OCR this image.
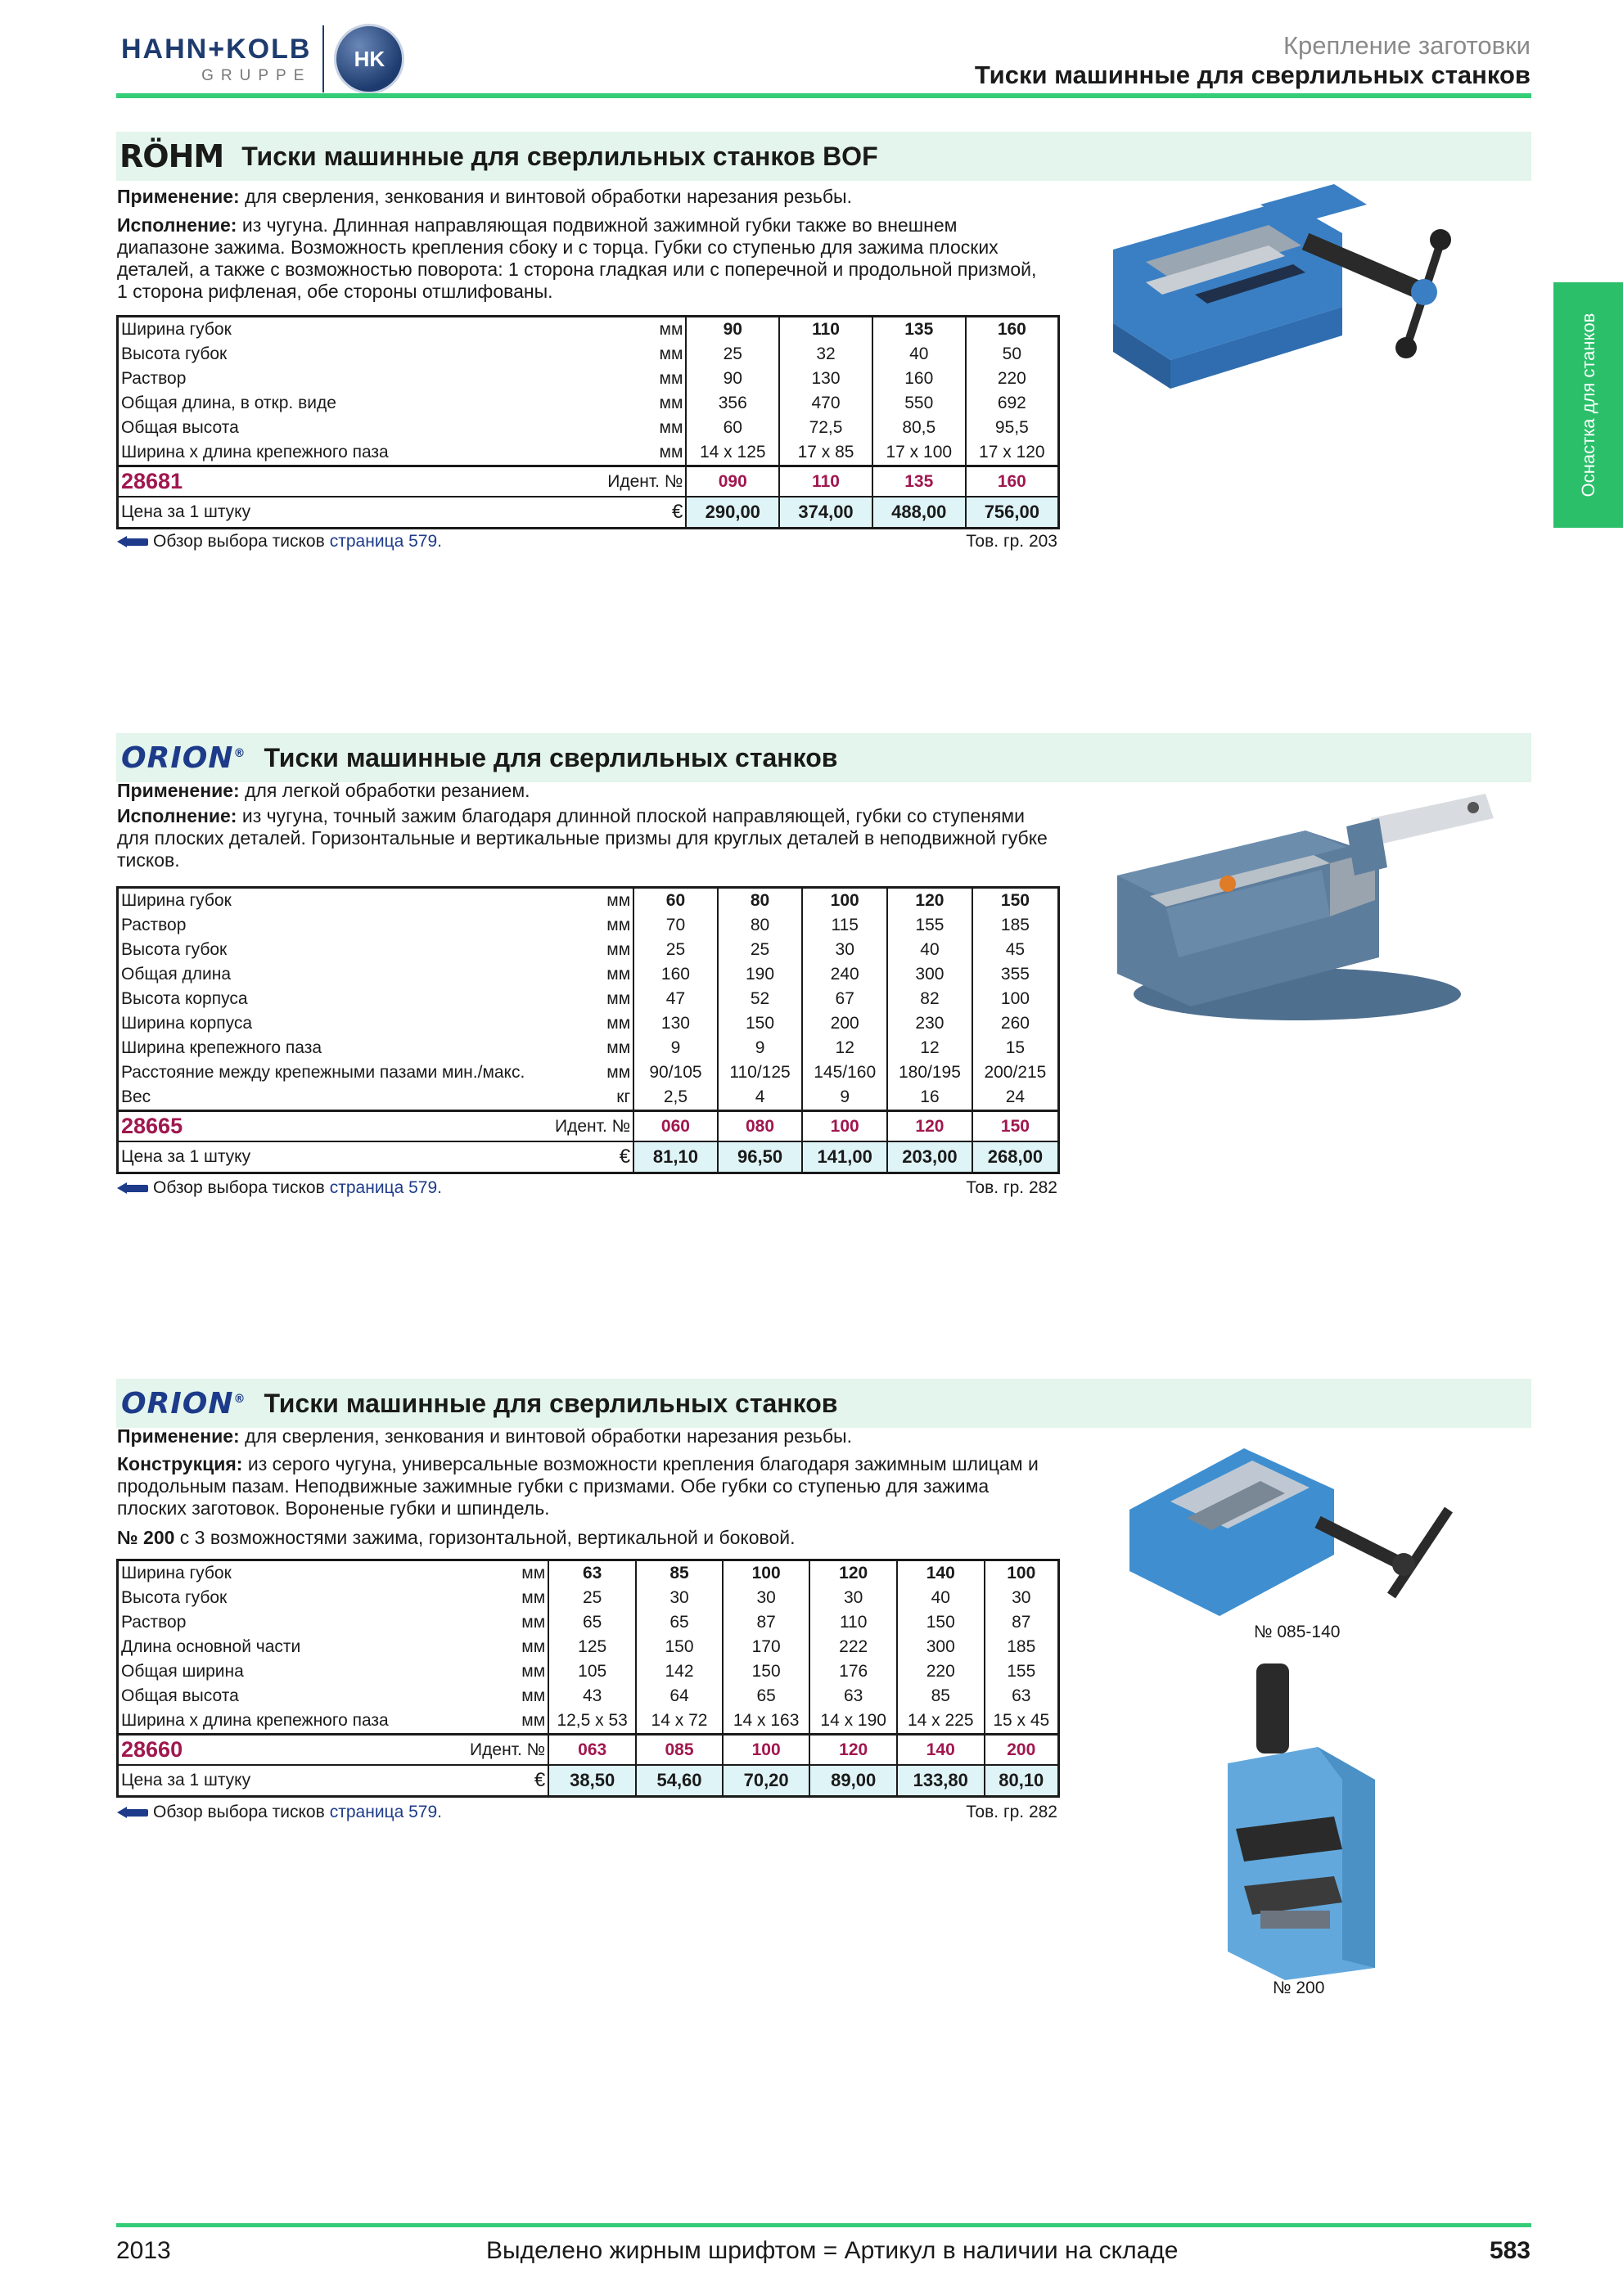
HAHN+KOLB
GRUPPE
HK	Крепление заготовки
Тиски машинные для сверлильных станков
Оснастка для станков
RÖHM Тиски машинные для сверлильных станков BOF
Применение: для сверления, зенкования и винтовой обработки нарезания резьбы.
Исполнение: из чугуна. Длинная направляющая подвижной зажимной губки также во внешнем диапазоне зажима. Возможность крепления сбоку и с торца. Губки со ступенью для зажима плоских деталей, а также с возможностью поворота: 1 сторона гладкая или с поперечной и продольной призмой, 1 сторона рифленая, обе стороны отшлифованы.
Ширина губок	мм	90	110	135	160
Высота губок	мм	25	32	40	50
Раствор	мм	90	130	160	220
Общая длина, в откр. виде	мм	356	470	550	692
Общая высота	мм	60	72,5	80,5	95,5
Ширина х длина крепежного паза	мм	14 x 125	17 x 85	17 x 100	17 x 120
28681	Идент. №	090	110	135	160
Цена за 1 штуку	€	290,00	374,00	488,00	756,00
Обзор выбора тисков страница 579.	Тов. гр. 203
ORION® Тиски машинные для сверлильных станков
Применение: для легкой обработки резанием.
Исполнение: из чугуна, точный зажим благодаря длинной плоской направляющей, губки со ступенями для плоских деталей. Горизонтальные и вертикальные призмы для круглых деталей в неподвижной губке тисков.
Ширина губок	мм	60	80	100	120	150
Раствор	мм	70	80	115	155	185
Высота губок	мм	25	25	30	40	45
Общая длина	мм	160	190	240	300	355
Высота корпуса	мм	47	52	67	82	100
Ширина корпуса	мм	130	150	200	230	260
Ширина крепежного паза	мм	9	9	12	12	15
Расстояние между крепежными пазами мин./макс.	мм	90/105	110/125	145/160	180/195	200/215
Вес	кг	2,5	4	9	16	24
28665	Идент. №	060	080	100	120	150
Цена за 1 штуку	€	81,10	96,50	141,00	203,00	268,00
Обзор выбора тисков страница 579.	Тов. гр. 282
ORION® Тиски машинные для сверлильных станков
Применение: для сверления, зенкования и винтовой обработки нарезания резьбы.
Конструкция: из серого чугуна, универсальные возможности крепления благодаря зажимным шлицам и продольным пазам. Неподвижные зажимные губки с призмами. Обе губки со ступенью для зажима плоских заготовок. Вороненые губки и шпиндель.
№ 200 с 3 возможностями зажима, горизонтальной, вертикальной и боковой.
Ширина губок	мм	63	85	100	120	140	100
Высота губок	мм	25	30	30	30	40	30
Раствор	мм	65	65	87	110	150	87
Длина основной части	мм	125	150	170	222	300	185
Общая ширина	мм	105	142	150	176	220	155
Общая высота	мм	43	64	65	63	85	63
Ширина х длина крепежного паза	мм	12,5 x 53	14 x 72	14 x 163	14 x 190	14 x 225	15 x 45
28660	Идент. №	063	085	100	120	140	200
Цена за 1 штуку	€	38,50	54,60	70,20	89,00	133,80	80,10
Обзор выбора тисков страница 579.	Тов. гр. 282
№ 085-140
№ 200
2013	Выделено жирным шрифтом = Артикул в наличии на складе	583
